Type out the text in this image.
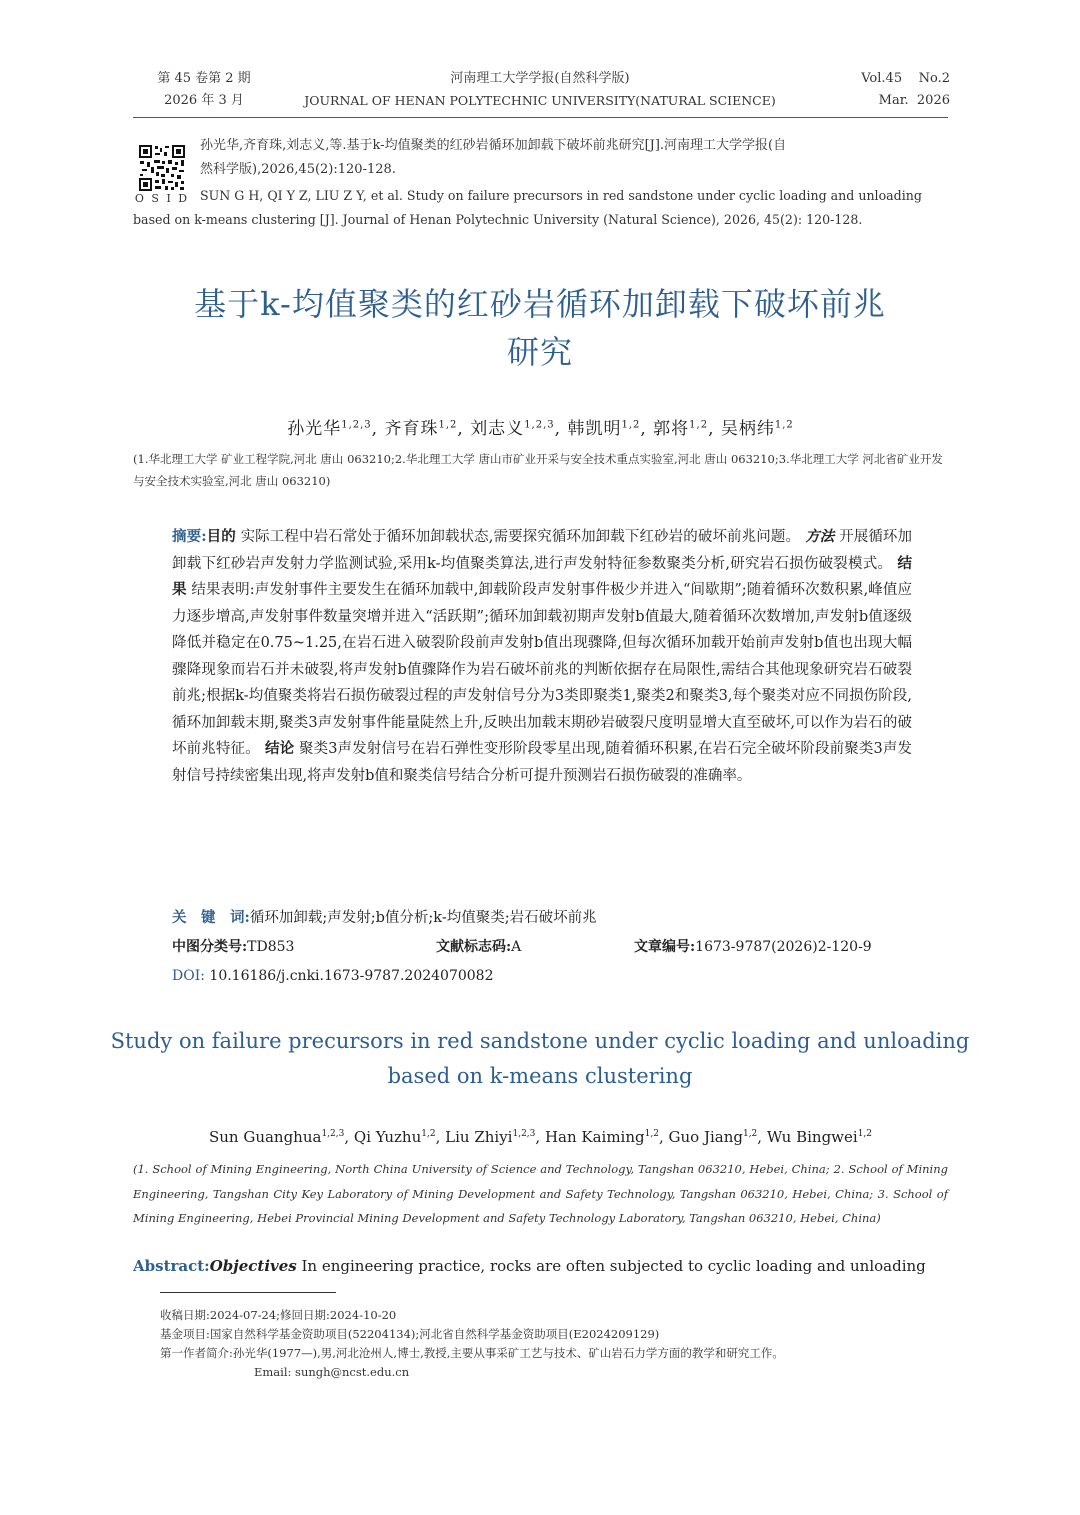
第 45 卷第 2 期
2026 年 3 月
河南理工大学学报(自然科学版)
JOURNAL OF HENAN POLYTECHNIC UNIVERSITY(NATURAL SCIENCE)
Vol.45    No.2
Mar.  2026
O S I D
孙光华,齐育珠,刘志义,等.基于k-均值聚类的红砂岩循环加卸载下破坏前兆研究[J].河南理工大学学报(自
然科学版),2026,45(2):120-128.
SUN G H, QI Y Z, LIU Z Y, et al. Study on failure precursors in red sandstone under cyclic loading and unloading
based on k-means clustering [J]. Journal of Henan Polytechnic University (Natural Science), 2026, 45(2): 120-128.
基于k-均值聚类的红砂岩循环加卸载下破坏前兆
研究
孙光华$^{1,2,3}$, 齐育珠$^{1,2}$, 刘志义$^{1,2,3}$, 韩凯明$^{1,2}$, 郭将$^{1,2}$, 吴柄纬$^{1,2}$
(1.华北理工大学 矿业工程学院,河北 唐山 063210;2.华北理工大学 唐山市矿业开采与安全技术重点实验室,河北 唐山 063210;3.华北理工大学 河北省矿业开发与安全技术实验室,河北 唐山 063210)
摘要:目的 实际工程中岩石常处于循环加卸载状态,需要探究循环加卸载下红砂岩的破坏前兆问题。 方法 开展循环加卸载下红砂岩声发射力学监测试验,采用k-均值聚类算法,进行声发射特征参数聚类分析,研究岩石损伤破裂模式。 结果 结果表明:声发射事件主要发生在循环加载中,卸载阶段声发射事件极少并进入“间歇期”;随着循环次数积累,峰值应力逐步增高,声发射事件数量突增并进入“活跃期”;循环加卸载初期声发射b值最大,随着循环次数增加,声发射b值逐级降低并稳定在0.75~1.25,在岩石进入破裂阶段前声发射b值出现骤降,但每次循环加载开始前声发射b值也出现大幅骤降现象而岩石并未破裂,将声发射b值骤降作为岩石破坏前兆的判断依据存在局限性,需结合其他现象研究岩石破裂前兆;根据k-均值聚类将岩石损伤破裂过程的声发射信号分为3类即聚类1,聚类2和聚类3,每个聚类对应不同损伤阶段,循环加卸载末期,聚类3声发射事件能量陡然上升,反映出加载末期砂岩破裂尺度明显增大直至破坏,可以作为岩石的破坏前兆特征。 结论 聚类3声发射信号在岩石弹性变形阶段零星出现,随着循环积累,在岩石完全破坏阶段前聚类3声发射信号持续密集出现,将声发射b值和聚类信号结合分析可提升预测岩石损伤破裂的准确率。
关　键　词:循环加卸载;声发射;b值分析;k-均值聚类;岩石破坏前兆
中图分类号:TD853	文献标志码:A	文章编号:1673-9787(2026)2-120-9
DOI: 10.16186/j.cnki.1673-9787.2024070082
Study on failure precursors in red sandstone under cyclic loading and unloading
based on k-means clustering
Sun Guanghua$^{1,2,3}$, Qi Yuzhu$^{1,2}$, Liu Zhiyi$^{1,2,3}$, Han Kaiming$^{1,2}$, Guo Jiang$^{1,2}$, Wu Bingwei$^{1,2}$
(1. School of Mining Engineering, North China University of Science and Technology, Tangshan 063210, Hebei, China; 2. School of Mining Engineering, Tangshan City Key Laboratory of Mining Development and Safety Technology, Tangshan 063210, Hebei, China; 3. School of Mining Engineering, Hebei Provincial Mining Development and Safety Technology Laboratory, Tangshan 063210, Hebei, China)
Abstract:Objectives In engineering practice, rocks are often subjected to cyclic loading and unloading
收稿日期:2024-07-24;修回日期:2024-10-20
基金项目:国家自然科学基金资助项目(52204134);河北省自然科学基金资助项目(E2024209129)
第一作者简介:孙光华(1977—),男,河北沧州人,博士,教授,主要从事采矿工艺与技术、矿山岩石力学方面的教学和研究工作。
Email: sungh@ncst.edu.cn
